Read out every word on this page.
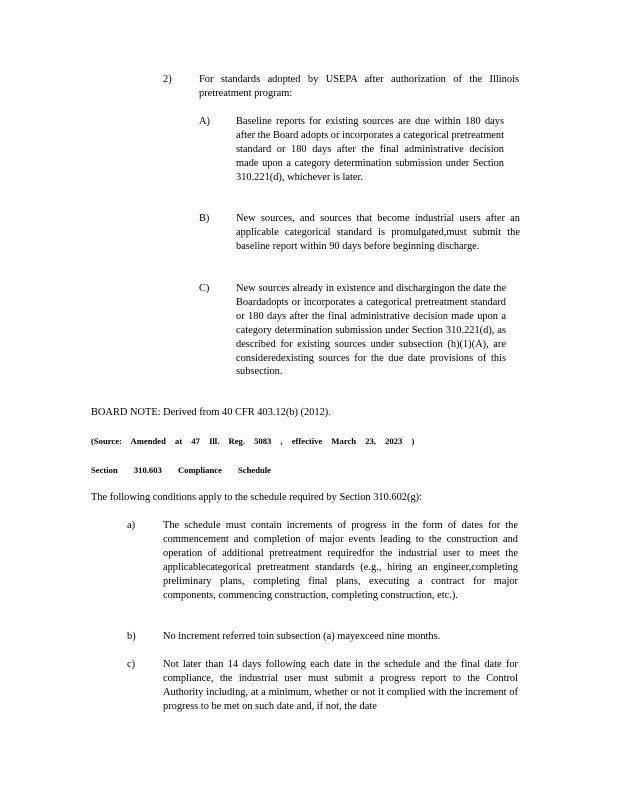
2)	For standards adopted by USEPA after authorization of the Illinois pretreatment program:
A)	Baseline reports for existing sources are due within 180 days after the Board adopts or incorporates a categorical pretreatment standard or 180 days after the final administrative decision made upon a category determination submission under Section 310.221(d), whichever is later.
B)	New sources, and sources that become industrial users after an applicable categorical standard is promulgated,must submit the baseline report within 90 days before beginning discharge.
C)	New sources already in existence and dischargingon the date the Boardadopts or incorporates a categorical pretreatment standard or 180 days after the final administrative decision made upon a category determination submission under Section 310.221(d), as described for existing sources under subsection (h)(1)(A), are consideredexisting sources for the due date provisions of this subsection.
BOARD NOTE: Derived from 40 CFR 403.12(b) (2012).
(Source: Amended at 47 Ill. Reg. 5083 , effective March 23, 2023 )
Section 310.603 Compliance Schedule
The following conditions apply to the schedule required by Section 310.602(g):
a)	The schedule must contain increments of progress in the form of dates for the commencement and completion of major events leading to the construction and operation of additional pretreatment requiredfor the industrial user to meet the applicablecategorical pretreatment standards (e.g., hiring an engineer,completing preliminary plans, completing final plans, executing a contract for major components, commencing construction, completing construction, etc.).
b)	No increment referred toin subsection (a) mayexceed nine months.
c)	Not later than 14 days following each date in the schedule and the final date for compliance, the industrial user must submit a progress report to the Control Authority including, at a minimum, whether or not it complied with the increment of progress to be met on such date and, if not, the date
